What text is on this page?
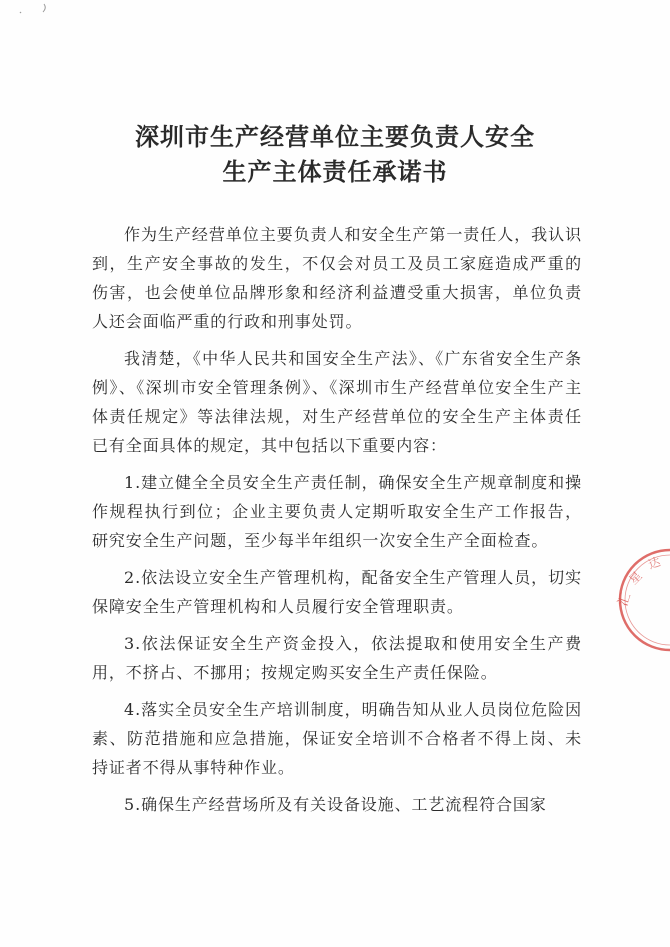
深圳市生产经营单位主要负责人安全
生产主体责任承诺书

作为生产经营单位主要负责人和安全生产第一责任人，我认识到，生产安全事故的发生，不仅会对员工及员工家庭造成严重的伤害，也会使单位品牌形象和经济利益遭受重大损害，单位负责人还会面临严重的行政和刑事处罚。

我清楚，《中华人民共和国安全生产法》、《广东省安全生产条例》、《深圳市安全管理条例》、《深圳市生产经营单位安全生产主体责任规定》等法律法规，对生产经营单位的安全生产主体责任已有全面具体的规定，其中包括以下重要内容：

1.建立健全全员安全生产责任制，确保安全生产规章制度和操作规程执行到位；企业主要负责人定期听取安全生产工作报告，研究安全生产问题，至少每半年组织一次安全生产全面检查。

2.依法设立安全生产管理机构，配备安全生产管理人员，切实保障安全生产管理机构和人员履行安全管理职责。

3.依法保证安全生产资金投入，依法提取和使用安全生产费用，不挤占、不挪用；按规定购买安全生产责任保险。

4.落实全员安全生产培训制度，明确告知从业人员岗位危险因素、防范措施和应急措施，保证安全培训不合格者不得上岗、未持证者不得从事特种作业。

5.确保生产经营场所及有关设备设施、工艺流程符合国家

汇
星
达
